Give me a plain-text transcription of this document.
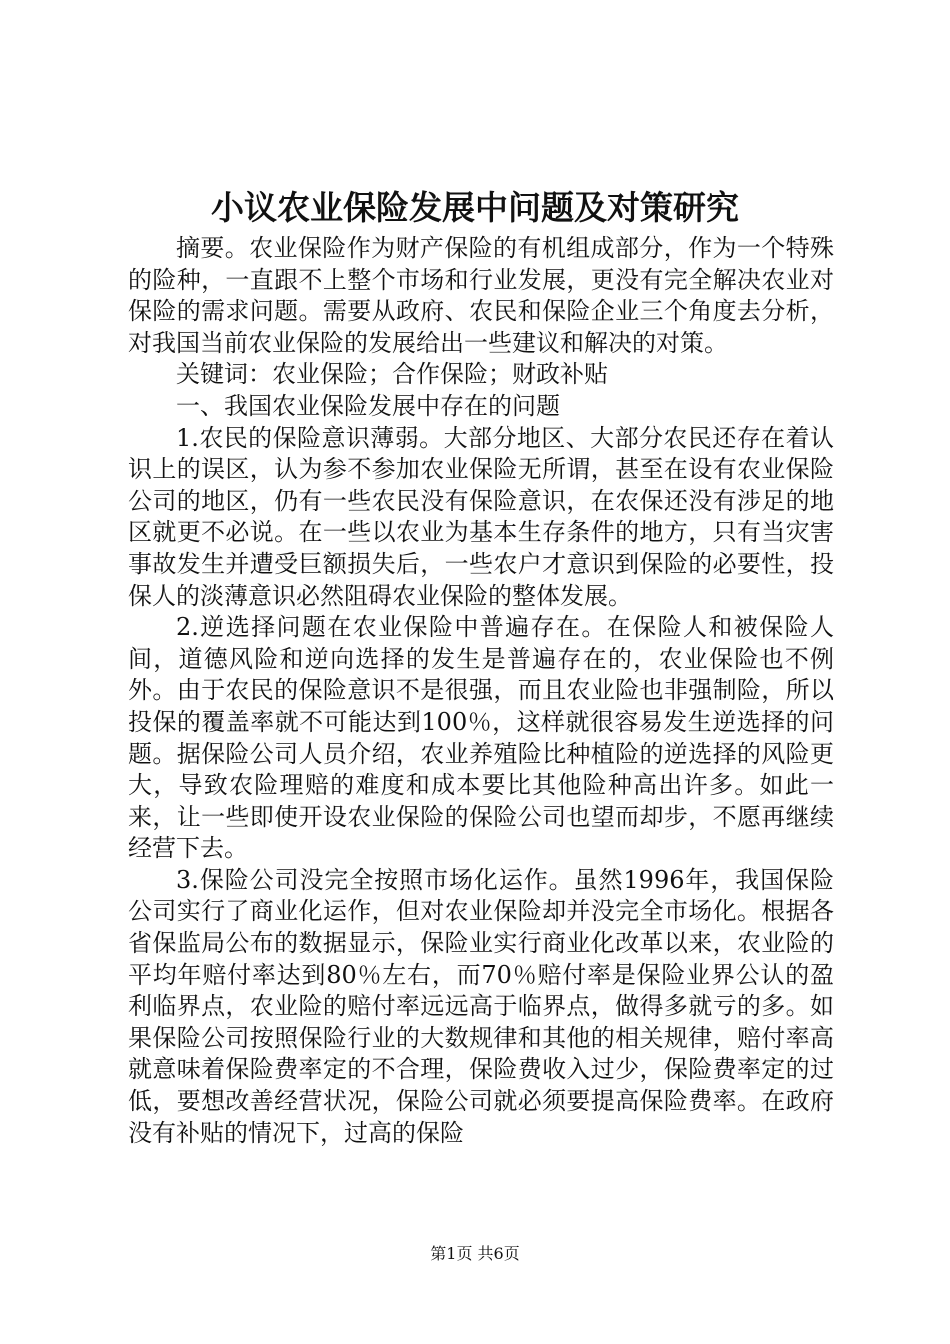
小议农业保险发展中问题及对策研究

摘要。农业保险作为财产保险的有机组成部分，作为一个特殊的险种，一直跟不上整个市场和行业发展，更没有完全解决农业对保险的需求问题。需要从政府、农民和保险企业三个角度去分析，对我国当前农业保险的发展给出一些建议和解决的对策。

关键词：农业保险；合作保险；财政补贴

一、我国农业保险发展中存在的问题

1.农民的保险意识薄弱。大部分地区、大部分农民还存在着认识上的误区，认为参不参加农业保险无所谓，甚至在设有农业保险公司的地区，仍有一些农民没有保险意识，在农保还没有涉足的地区就更不必说。在一些以农业为基本生存条件的地方，只有当灾害事故发生并遭受巨额损失后，一些农户才意识到保险的必要性，投保人的淡薄意识必然阻碍农业保险的整体发展。

2.逆选择问题在农业保险中普遍存在。在保险人和被保险人间，道德风险和逆向选择的发生是普遍存在的，农业保险也不例外。由于农民的保险意识不是很强，而且农业险也非强制险，所以投保的覆盖率就不可能达到100％，这样就很容易发生逆选择的问题。据保险公司人员介绍，农业养殖险比种植险的逆选择的风险更大，导致农险理赔的难度和成本要比其他险种高出许多。如此一来，让一些即使开设农业保险的保险公司也望而却步，不愿再继续经营下去。

3.保险公司没完全按照市场化运作。虽然1996年，我国保险公司实行了商业化运作，但对农业保险却并没完全市场化。根据各省保监局公布的数据显示，保险业实行商业化改革以来，农业险的平均年赔付率达到80％左右，而70％赔付率是保险业界公认的盈利临界点，农业险的赔付率远远高于临界点，做得多就亏的多。如果保险公司按照保险行业的大数规律和其他的相关规律，赔付率高就意味着保险费率定的不合理，保险费收入过少，保险费率定的过低，要想改善经营状况，保险公司就必须要提高保险费率。在政府没有补贴的情况下，过高的保险

第1页 共6页
